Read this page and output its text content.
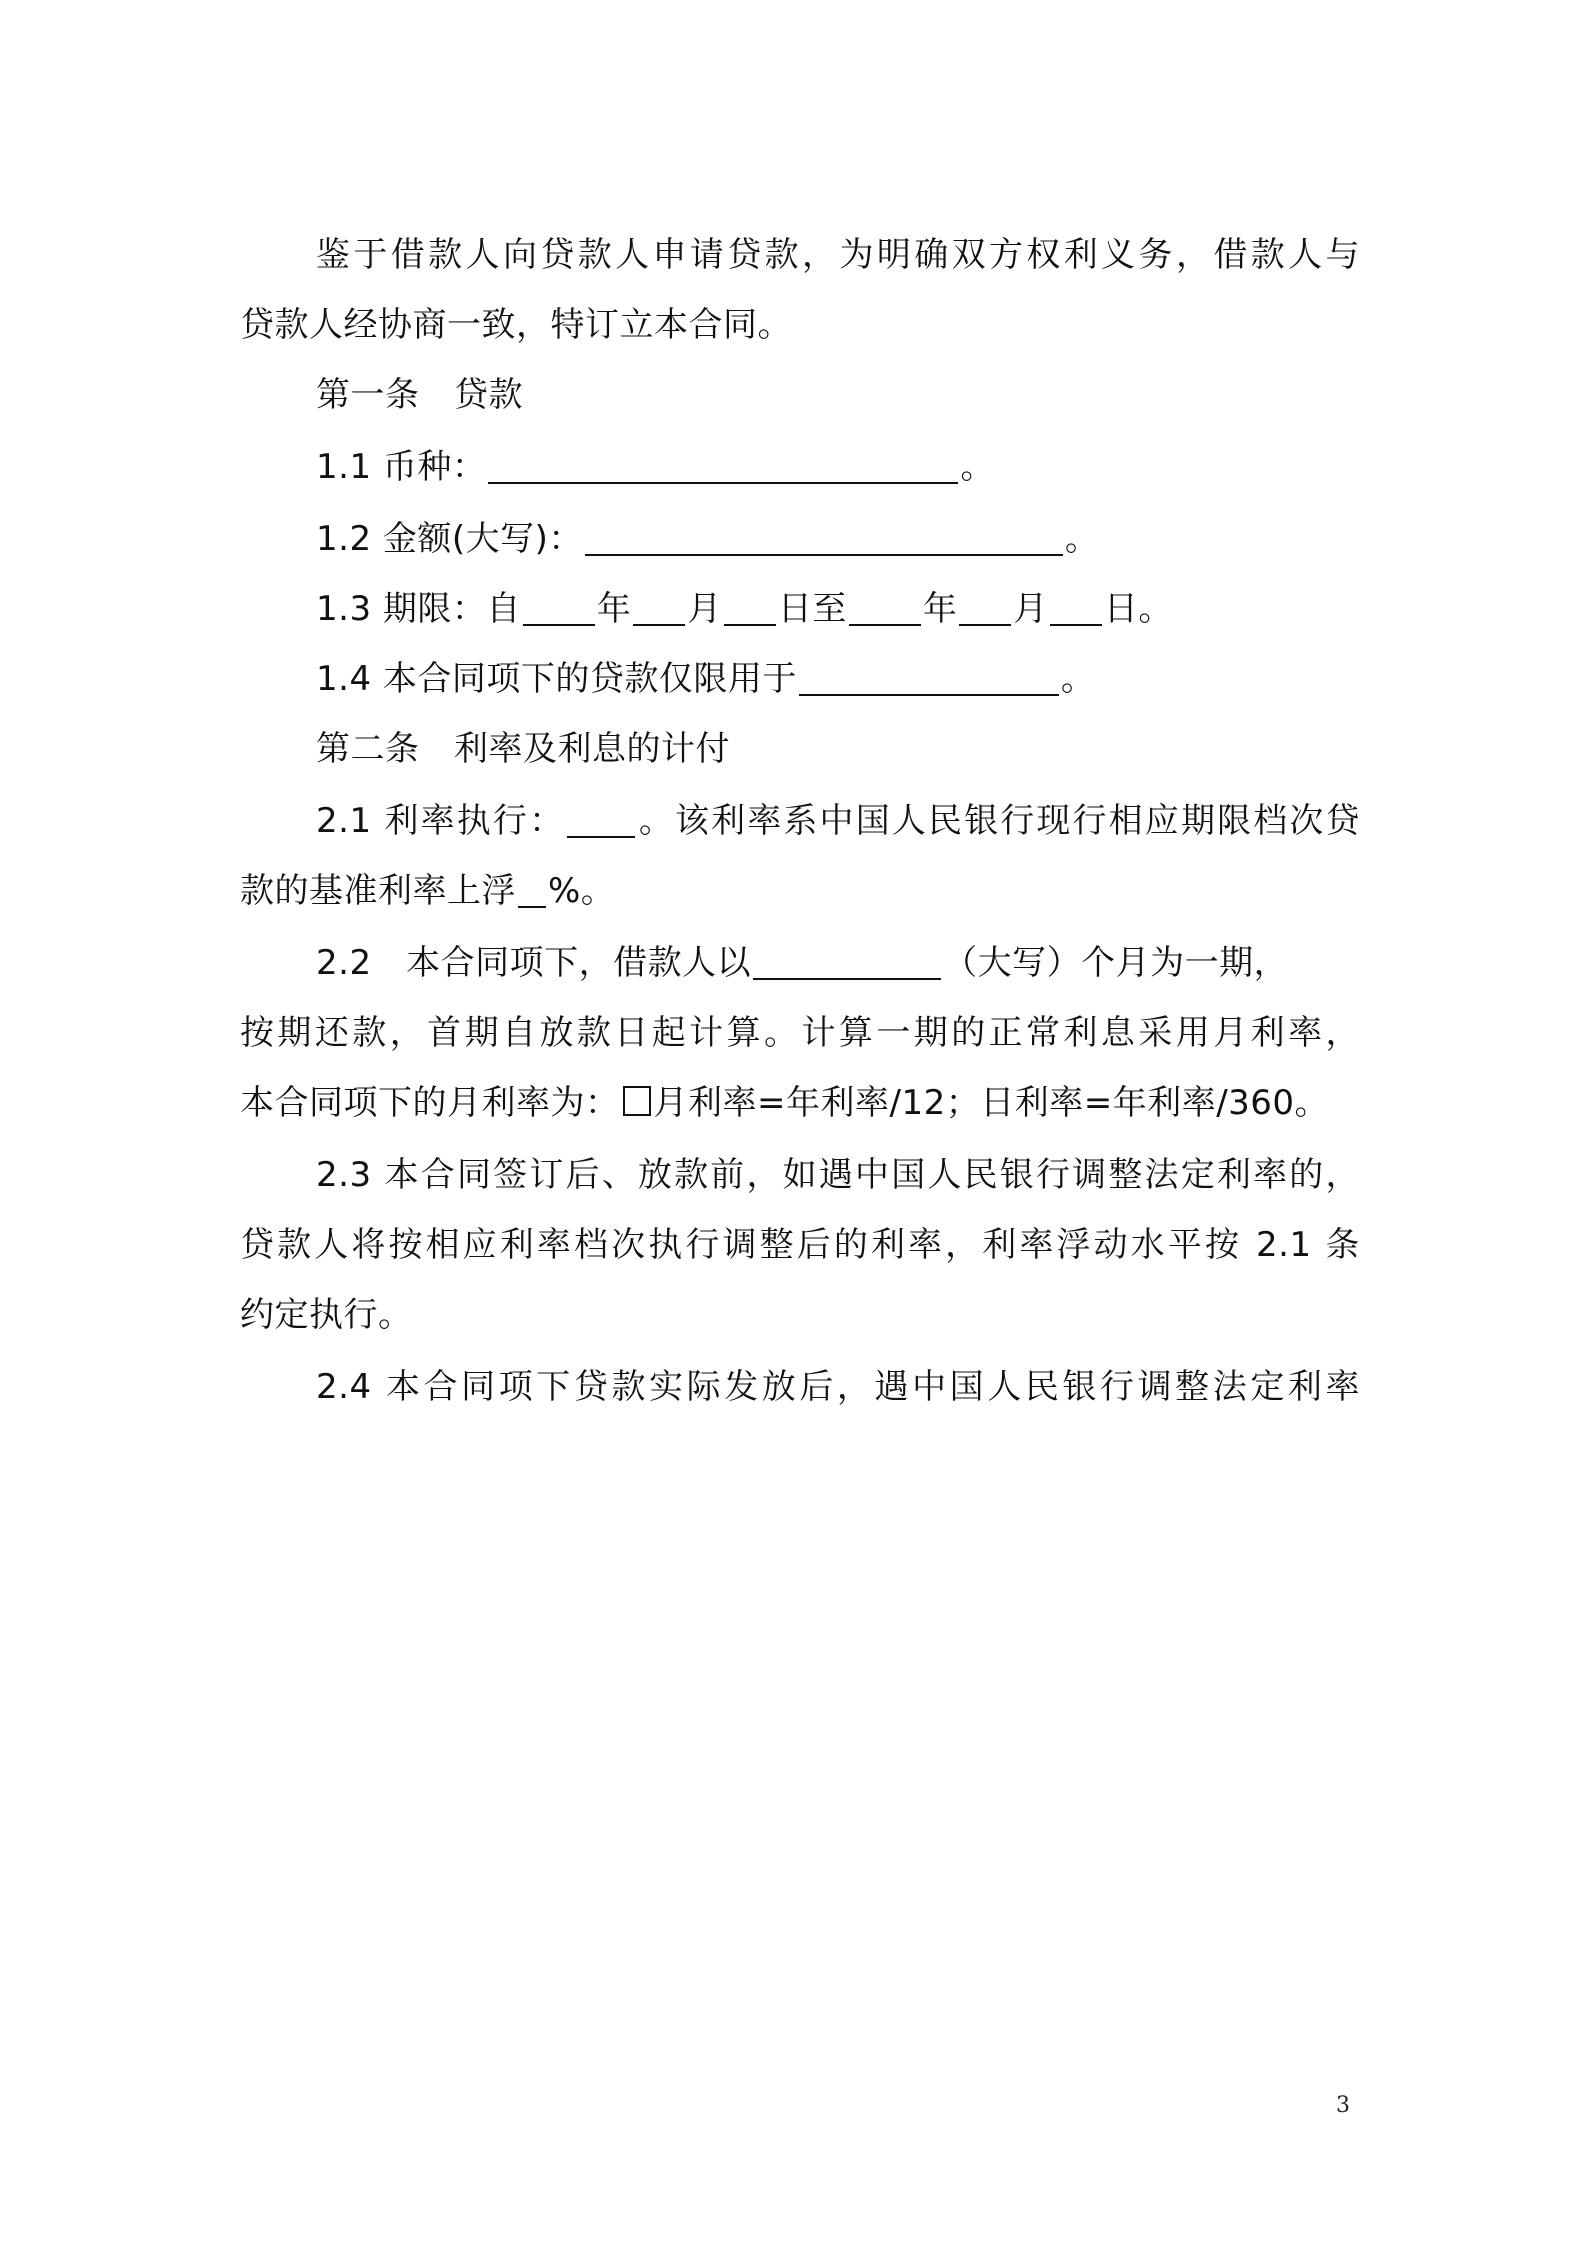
鉴于借款人向贷款人申请贷款，为明确双方权利义务，借款人与
贷款人经协商一致，特订立本合同。
第一条　贷款
1.1 币种：	。
1.2 金额(大写)：	。
1.3 期限：自 年 月 日至 年 月 日。
1.4 本合同项下的贷款仅限用于	。
第二条　利率及利息的计付
2.1 利率执行： 。该利率系中国人民银行现行相应期限档次贷
款的基准利率上浮 %。
2.2　本合同项下，借款人以	（大写）个月为一期，
按期还款，首期自放款日起计算。计算一期的正常利息采用月利率，
本合同项下的月利率为： 月利率=年利率/12；日利率=年利率/360。
2.3 本合同签订后、放款前，如遇中国人民银行调整法定利率的，
贷款人将按相应利率档次执行调整后的利率，利率浮动水平按 2.1 条
约定执行。
2.4 本合同项下贷款实际发放后，遇中国人民银行调整法定利率
3
